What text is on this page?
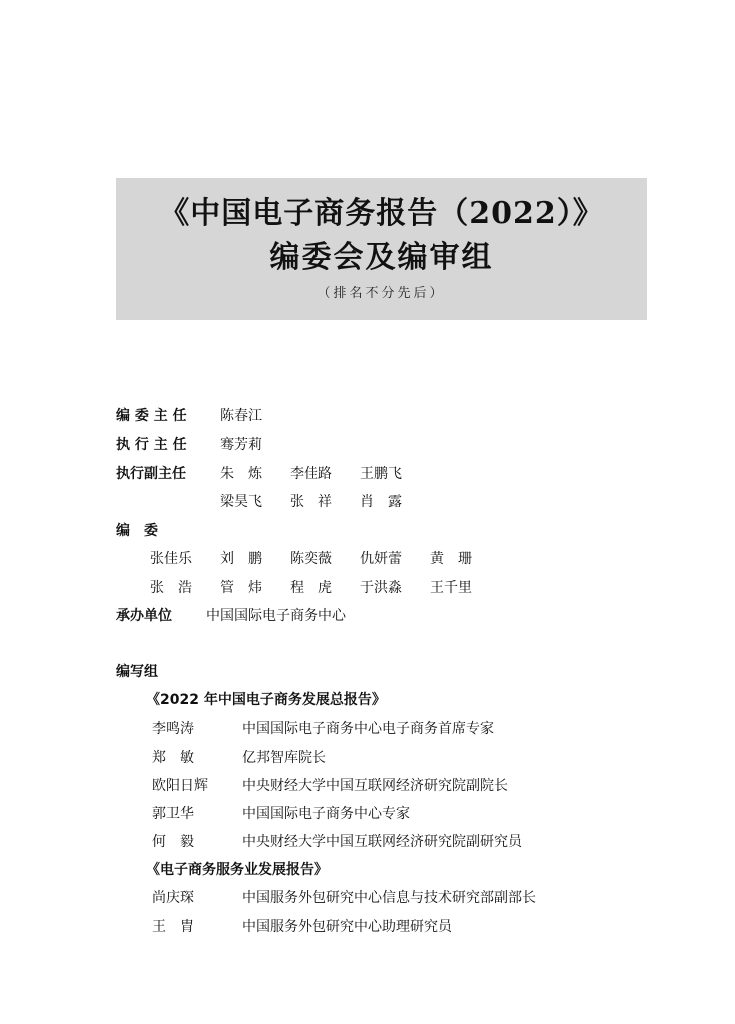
《中国电子商务报告（2022）》
编委会及编审组
（排名不分先后）
编 委 主 任 陈春江
执 行 主 任 骞芳莉
执行副主任 朱　炼 李佳路 王鹏飞
梁昊飞 张　祥 肖　露
编　委
张佳乐 刘　鹏 陈奕薇 仇妍蕾 黄　珊
张　浩 管　炜 程　虎 于洪淼 王千里
承办单位 中国国际电子商务中心
编写组
《2022 年中国电子商务发展总报告》
李鸣涛	中国国际电子商务中心电子商务首席专家
郑　敏	亿邦智库院长
欧阳日辉 中央财经大学中国互联网经济研究院副院长
郭卫华	中国国际电子商务中心专家
何　毅	中央财经大学中国互联网经济研究院副研究员
《电子商务服务业发展报告》
尚庆琛	中国服务外包研究中心信息与技术研究部副部长
王　胄	中国服务外包研究中心助理研究员
